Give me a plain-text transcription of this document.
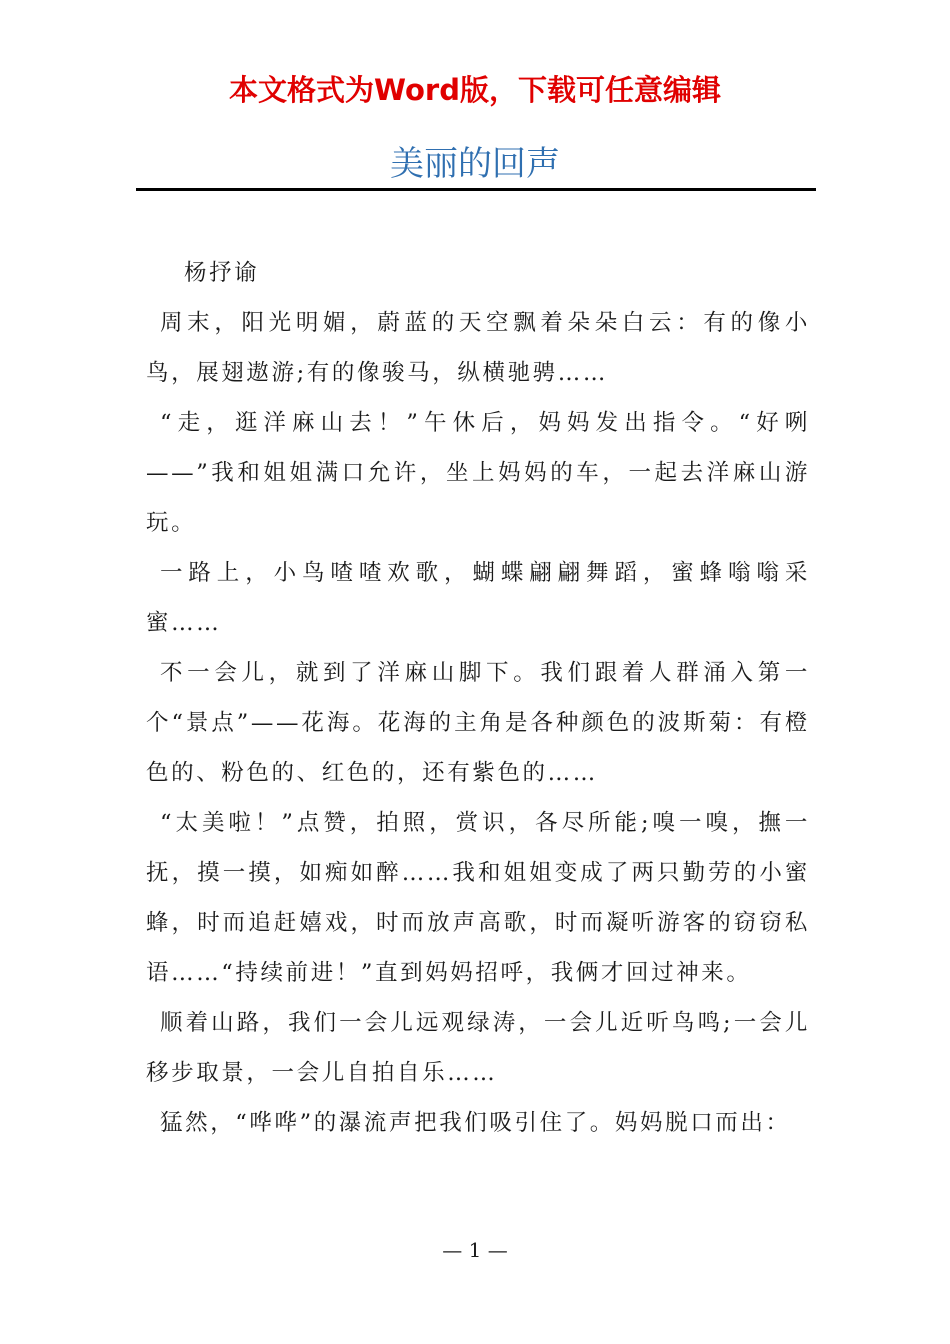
本文格式为Word版，下载可任意编辑
美丽的回声

杨抒谕

周末，阳光明媚，蔚蓝的天空飘着朵朵白云：有的像小鸟，展翅遨游;有的像骏马，纵横驰骋……

“走，逛洋麻山去！”午休后，妈妈发出指令。“好咧——”我和姐姐满口允许，坐上妈妈的车，一起去洋麻山游玩。

一路上，小鸟喳喳欢歌，蝴蝶翩翩舞蹈，蜜蜂嗡嗡采蜜……

不一会儿，就到了洋麻山脚下。我们跟着人群涌入第一个“景点”——花海。花海的主角是各种颜色的波斯菊：有橙色的、粉色的、红色的，还有紫色的……

“太美啦！”点赞，拍照，赏识，各尽所能;嗅一嗅，撫一抚，摸一摸，如痴如醉……我和姐姐变成了两只勤劳的小蜜蜂，时而追赶嬉戏，时而放声高歌，时而凝听游客的窃窃私语……“持续前进！”直到妈妈招呼，我俩才回过神来。

顺着山路，我们一会儿远观绿涛，一会儿近听鸟鸣;一会儿移步取景，一会儿自拍自乐……

猛然，“哗哗”的瀑流声把我们吸引住了。妈妈脱口而出：

— 1 —
